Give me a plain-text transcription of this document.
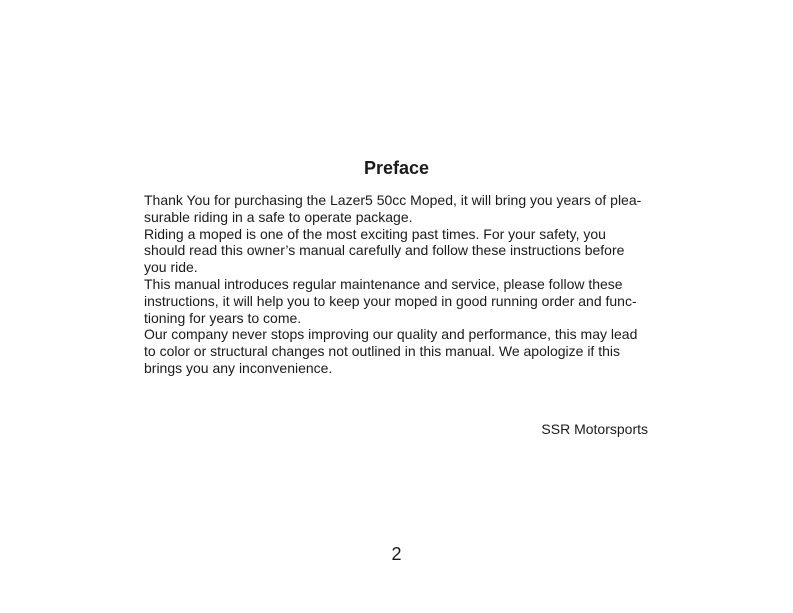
Preface
Thank You for purchasing the Lazer5 50cc Moped, it will bring you years of plea-
surable riding in a safe to operate package.
Riding a moped is one of the most exciting past times. For your safety, you
should read this owner’s manual carefully and follow these instructions before
you ride.
This manual introduces regular maintenance and service, please follow these
instructions, it will help you to keep your moped in good running order and func-
tioning for years to come.
Our company never stops improving our quality and performance, this may lead
to color or structural changes not outlined in this manual. We apologize if this
brings you any inconvenience.
SSR Motorsports
2
